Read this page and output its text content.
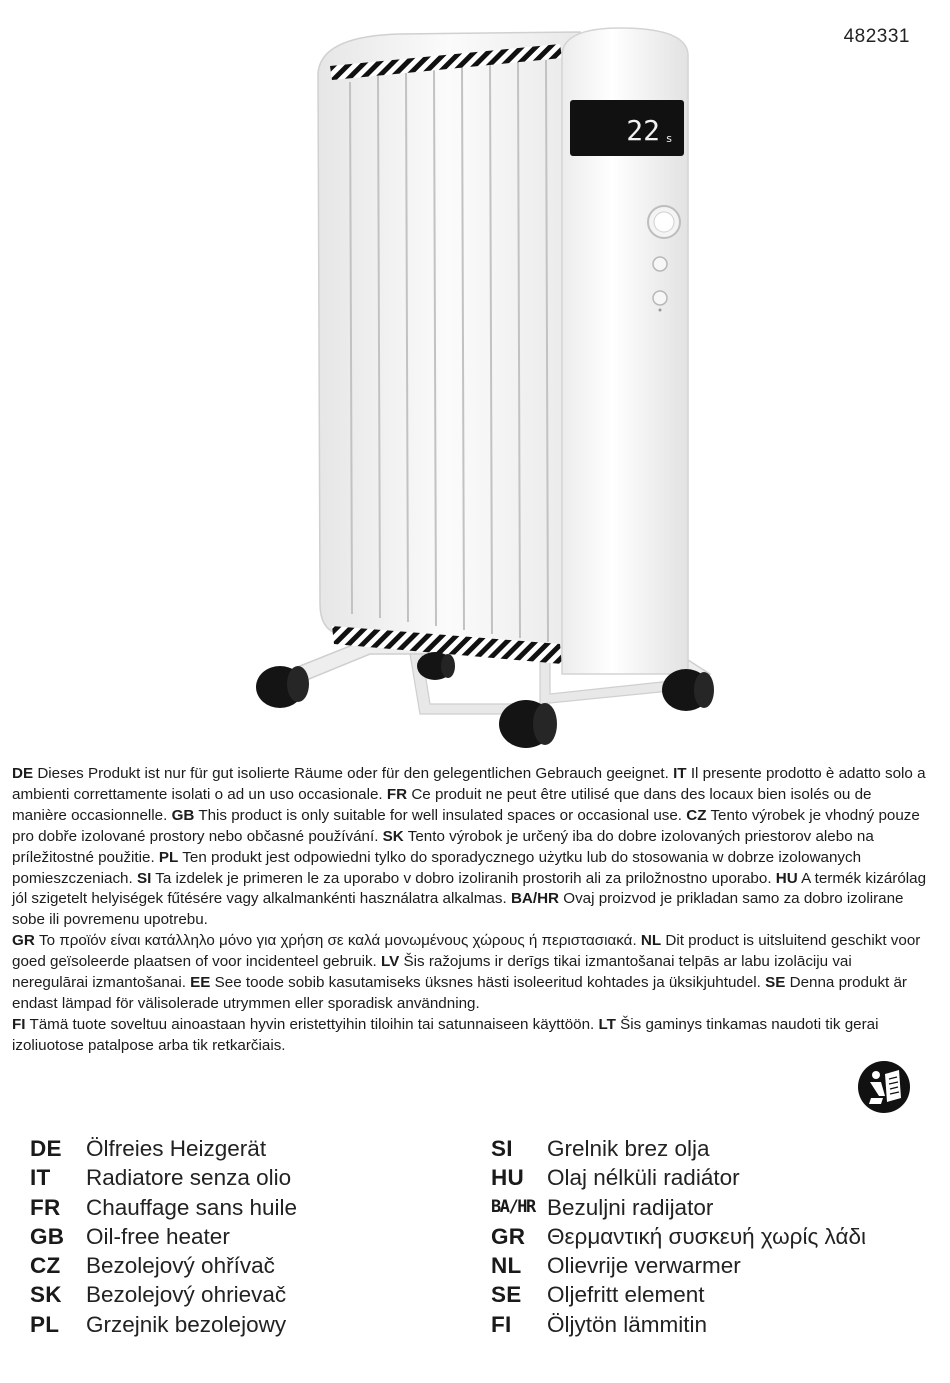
482331
22 s
DE Dieses Produkt ist nur für gut isolierte Räume oder für den gelegentlichen Gebrauch geeignet. IT Il presente prodotto è adatto solo a ambienti correttamente isolati o ad un uso occasionale. FR Ce produit ne peut être utilisé que dans des locaux bien isolés ou de manière occasionnelle. GB This product is only suitable for well insulated spaces or occasional use. CZ Tento výrobek je vhodný pouze pro dobře izolované prostory nebo občasné používání. SK Tento výrobok je určený iba do dobre izolovaných priestorov alebo na príležitostné použitie. PL Ten produkt jest odpowiedni tylko do sporadycznego użytku lub do stosowania w dobrze izolowanych pomieszczeniach. SI Ta izdelek je primeren le za uporabo v dobro izoliranih prostorih ali za priložnostno uporabo. HU A termék kizárólag jól szigetelt helyiségek fűtésére vagy alkalmankénti használatra alkalmas. BA/HR Ovaj proizvod je prikladan samo za dobro izolirane sobe ili povremenu upotrebu.
GR Το προϊόν είναι κατάλληλο μόνο για χρήση σε καλά μονωμένους χώρους ή περιστασιακά. NL Dit product is uitsluitend geschikt voor goed geïsoleerde plaatsen of voor incidenteel gebruik. LV Šis ražojums ir derīgs tikai izmantošanai telpās ar labu izolāciju vai neregulārai izmantošanai. EE See toode sobib kasutamiseks üksnes hästi isoleeritud kohtades ja üksikjuhtudel. SE Denna produkt är endast lämpad för välisolerade utrymmen eller sporadisk användning.
FI Tämä tuote soveltuu ainoastaan hyvin eristettyihin tiloihin tai satunnaiseen käyttöön. LT Šis gaminys tinkamas naudoti tik gerai izoliuotose patalpose arba tik retkarčiais.
DE	Ölfreies Heizgerät
IT	Radiatore senza olio
FR	Chauffage sans huile
GB Oil-free heater
CZ	Bezolejový ohřívač
SK	Bezolejový ohrievač
PL	Grzejnik bezolejowy
SI	Grelnik brez olja
HU	Olaj nélküli radiátor
BA/HR Bezuljni radijator
GR Θερμαντική συσκευή χωρίς λάδι
NL	Olievrije verwarmer
SE	Oljefritt element
FI	Öljytön lämmitin
